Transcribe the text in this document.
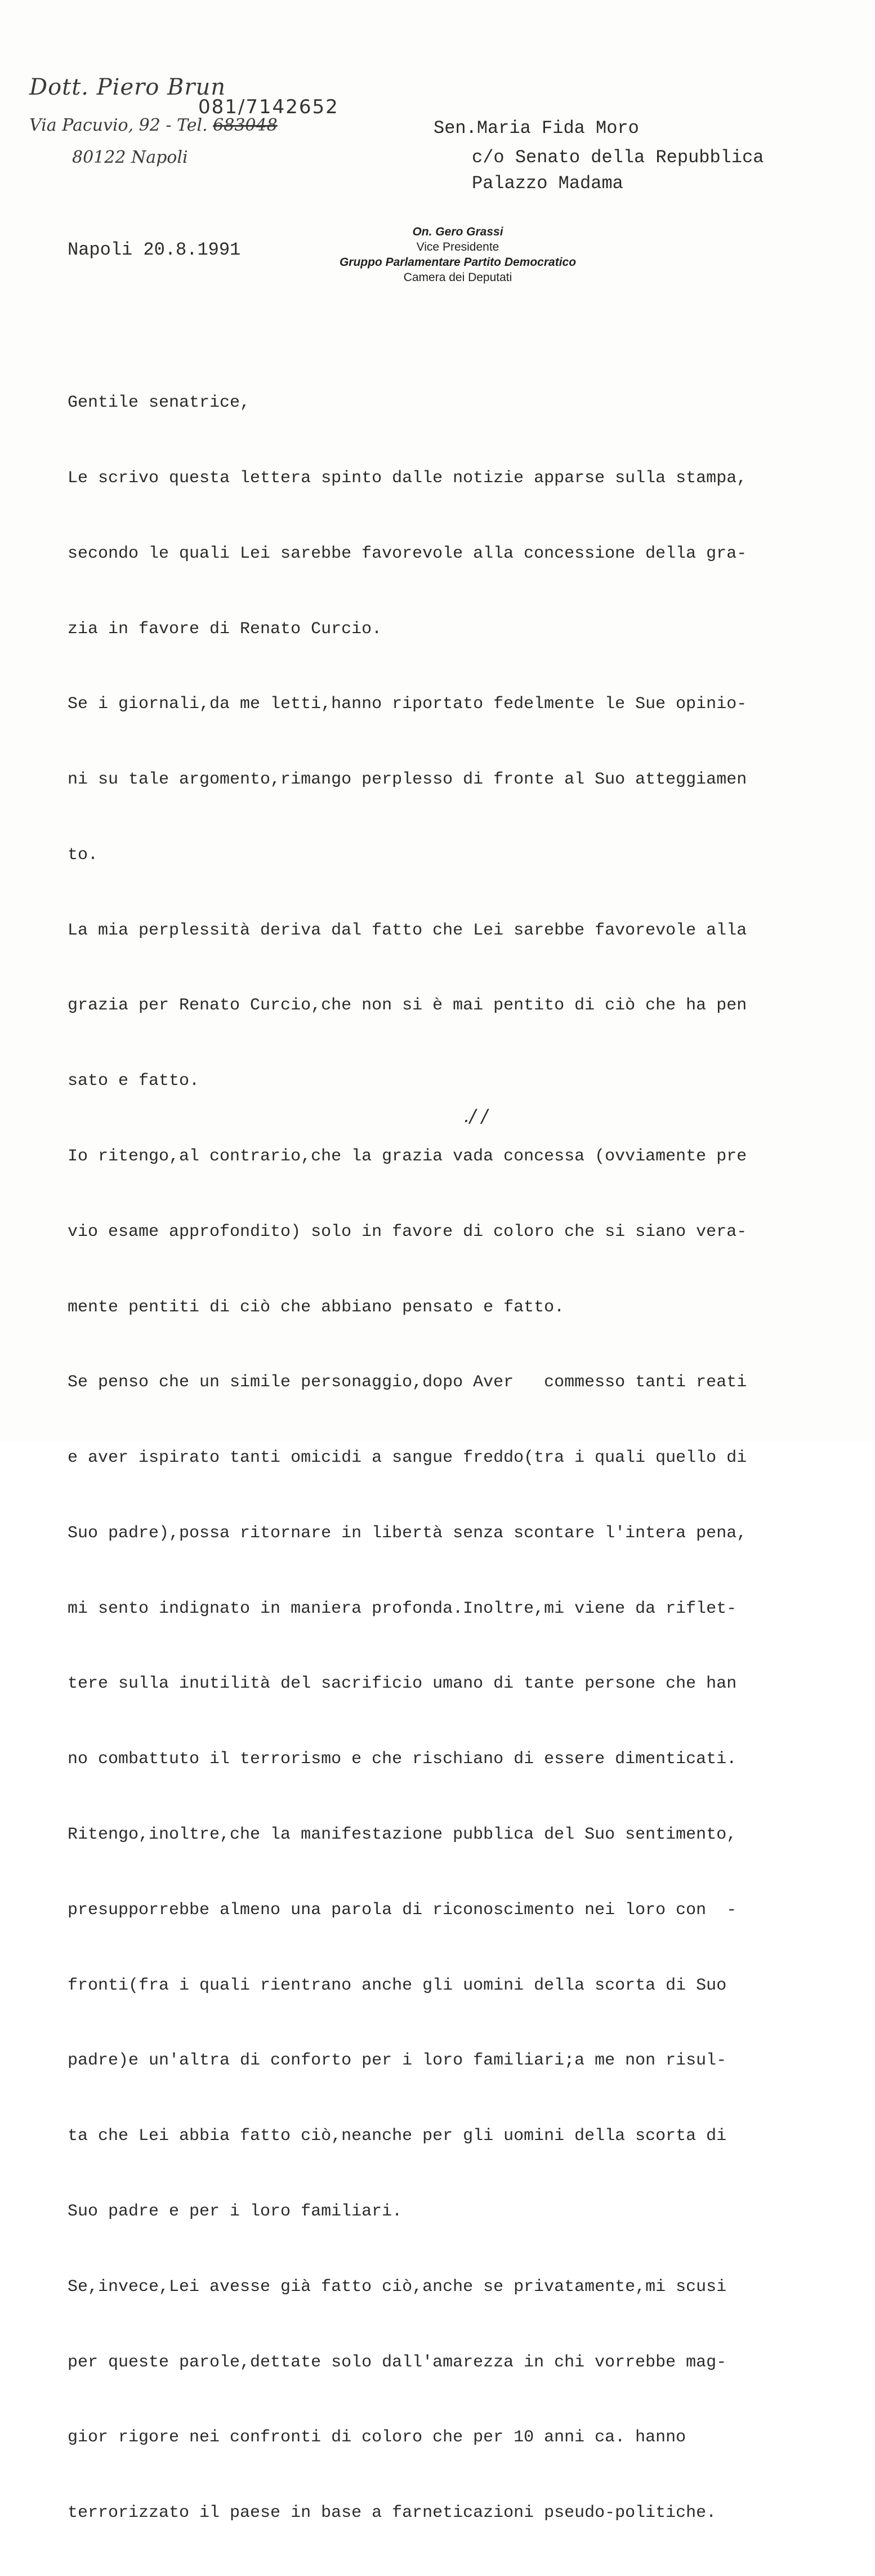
Dott. Piero Brun
Via Pacuvio, 92 - Tel. 683048
80122 Napoli
081/7142652
Sen.Maria Fida Moro
c/o Senato della Repubblica
Palazzo Madama
Napoli 20.8.1991
On. Gero Grassi
Vice Presidente
Gruppo Parlamentare Partito Democratico
Camera dei Deputati

Gentile senatrice,

Le scrivo questa lettera spinto dalle notizie apparse sulla stampa,

secondo le quali Lei sarebbe favorevole alla concessione della gra-

zia in favore di Renato Curcio.

Se i giornali,da me letti,hanno riportato fedelmente le Sue opinio-

ni su tale argomento,rimango perplesso di fronte al Suo atteggiamen

to.

La mia perplessità deriva dal fatto che Lei sarebbe favorevole alla

grazia per Renato Curcio,che non si è mai pentito di ciò che ha pen

sato e fatto.

Io ritengo,al contrario,che la grazia vada concessa (ovviamente pre

vio esame approfondito) solo in favore di coloro che si siano vera-

mente pentiti di ciò che abbiano pensato e fatto.

Se penso che un simile personaggio,dopo Aver   commesso tanti reati

e aver ispirato tanti omicidi a sangue freddo(tra i quali quello di

Suo padre),possa ritornare in libertà senza scontare l'intera pena,

mi sento indignato in maniera profonda.Inoltre,mi viene da riflet-

tere sulla inutilità del sacrificio umano di tante persone che han

no combattuto il terrorismo e che rischiano di essere dimenticati.

Ritengo,inoltre,che la manifestazione pubblica del Suo sentimento,

presupporrebbe almeno una parola di riconoscimento nei loro con  -

fronti(fra i quali rientrano anche gli uomini della scorta di Suo

padre)e un'altra di conforto per i loro familiari;a me non risul-

ta che Lei abbia fatto ciò,neanche per gli uomini della scorta di

Suo padre e per i loro familiari.

Se,invece,Lei avesse già fatto ciò,anche se privatamente,mi scusi

per queste parole,dettate solo dall'amarezza in chi vorrebbe mag-

gior rigore nei confronti di coloro che per 10 anni ca. hanno

terrorizzato il paese in base a farneticazioni pseudo-politiche.

./ /
